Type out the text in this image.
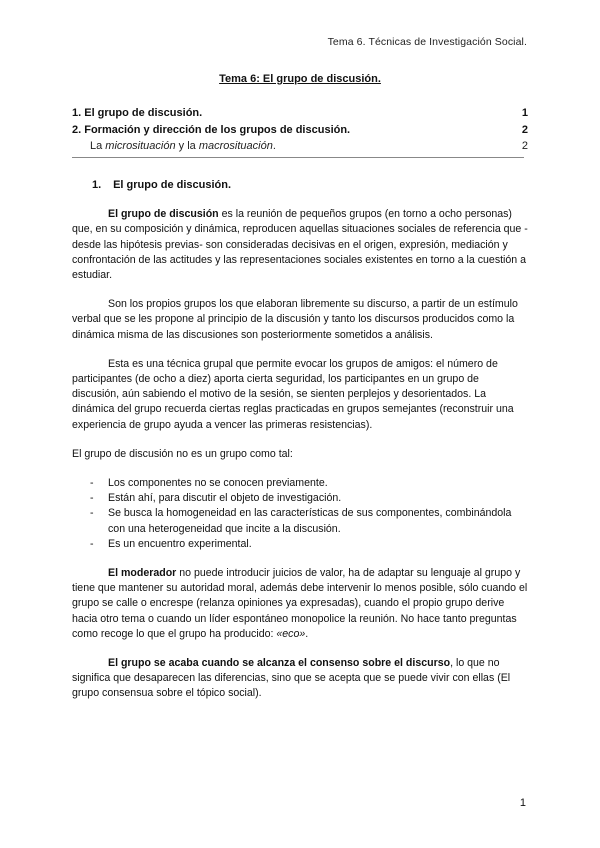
Tema 6. Técnicas de Investigación Social.
Tema 6: El grupo de discusión.
1. El grupo de discusión.	1
2. Formación y dirección de los grupos de discusión.	2
La microsituación y la macrosituación.	2
1. El grupo de discusión.

El grupo de discusión es la reunión de pequeños grupos (en torno a ocho personas) que, en su composición y dinámica, reproducen aquellas situaciones sociales de referencia que -desde las hipótesis previas- son consideradas decisivas en el origen, expresión, mediación y confrontación de las actitudes y las representaciones sociales existentes en torno a la cuestión a estudiar.

Son los propios grupos los que elaboran libremente su discurso, a partir de un estímulo verbal que se les propone al principio de la discusión y tanto los discursos producidos como la dinámica misma de las discusiones son posteriormente sometidos a análisis.

Esta es una técnica grupal que permite evocar los grupos de amigos: el número de participantes (de ocho a diez) aporta cierta seguridad, los participantes en un grupo de discusión, aún sabiendo el motivo de la sesión, se sienten perplejos y desorientados. La dinámica del grupo recuerda ciertas reglas practicadas en grupos semejantes (reconstruir una experiencia de grupo ayuda a vencer las primeras resistencias).

El grupo de discusión no es un grupo como tal:

- Los componentes no se conocen previamente.
- Están ahí, para discutir el objeto de investigación.
- Se busca la homogeneidad en las características de sus componentes, combinándola con una heterogeneidad que incite a la discusión.
- Es un encuentro experimental.

El moderador no puede introducir juicios de valor, ha de adaptar su lenguaje al grupo y tiene que mantener su autoridad moral, además debe intervenir lo menos posible, sólo cuando el grupo se calle o encrespe (relanza opiniones ya expresadas), cuando el propio grupo derive hacia otro tema o cuando un líder espontáneo monopolice la reunión. No hace tanto preguntas como recoge lo que el grupo ha producido: «eco».

El grupo se acaba cuando se alcanza el consenso sobre el discurso, lo que no significa que desaparecen las diferencias, sino que se acepta que se puede vivir con ellas (El grupo consensua sobre el tópico social).

1
